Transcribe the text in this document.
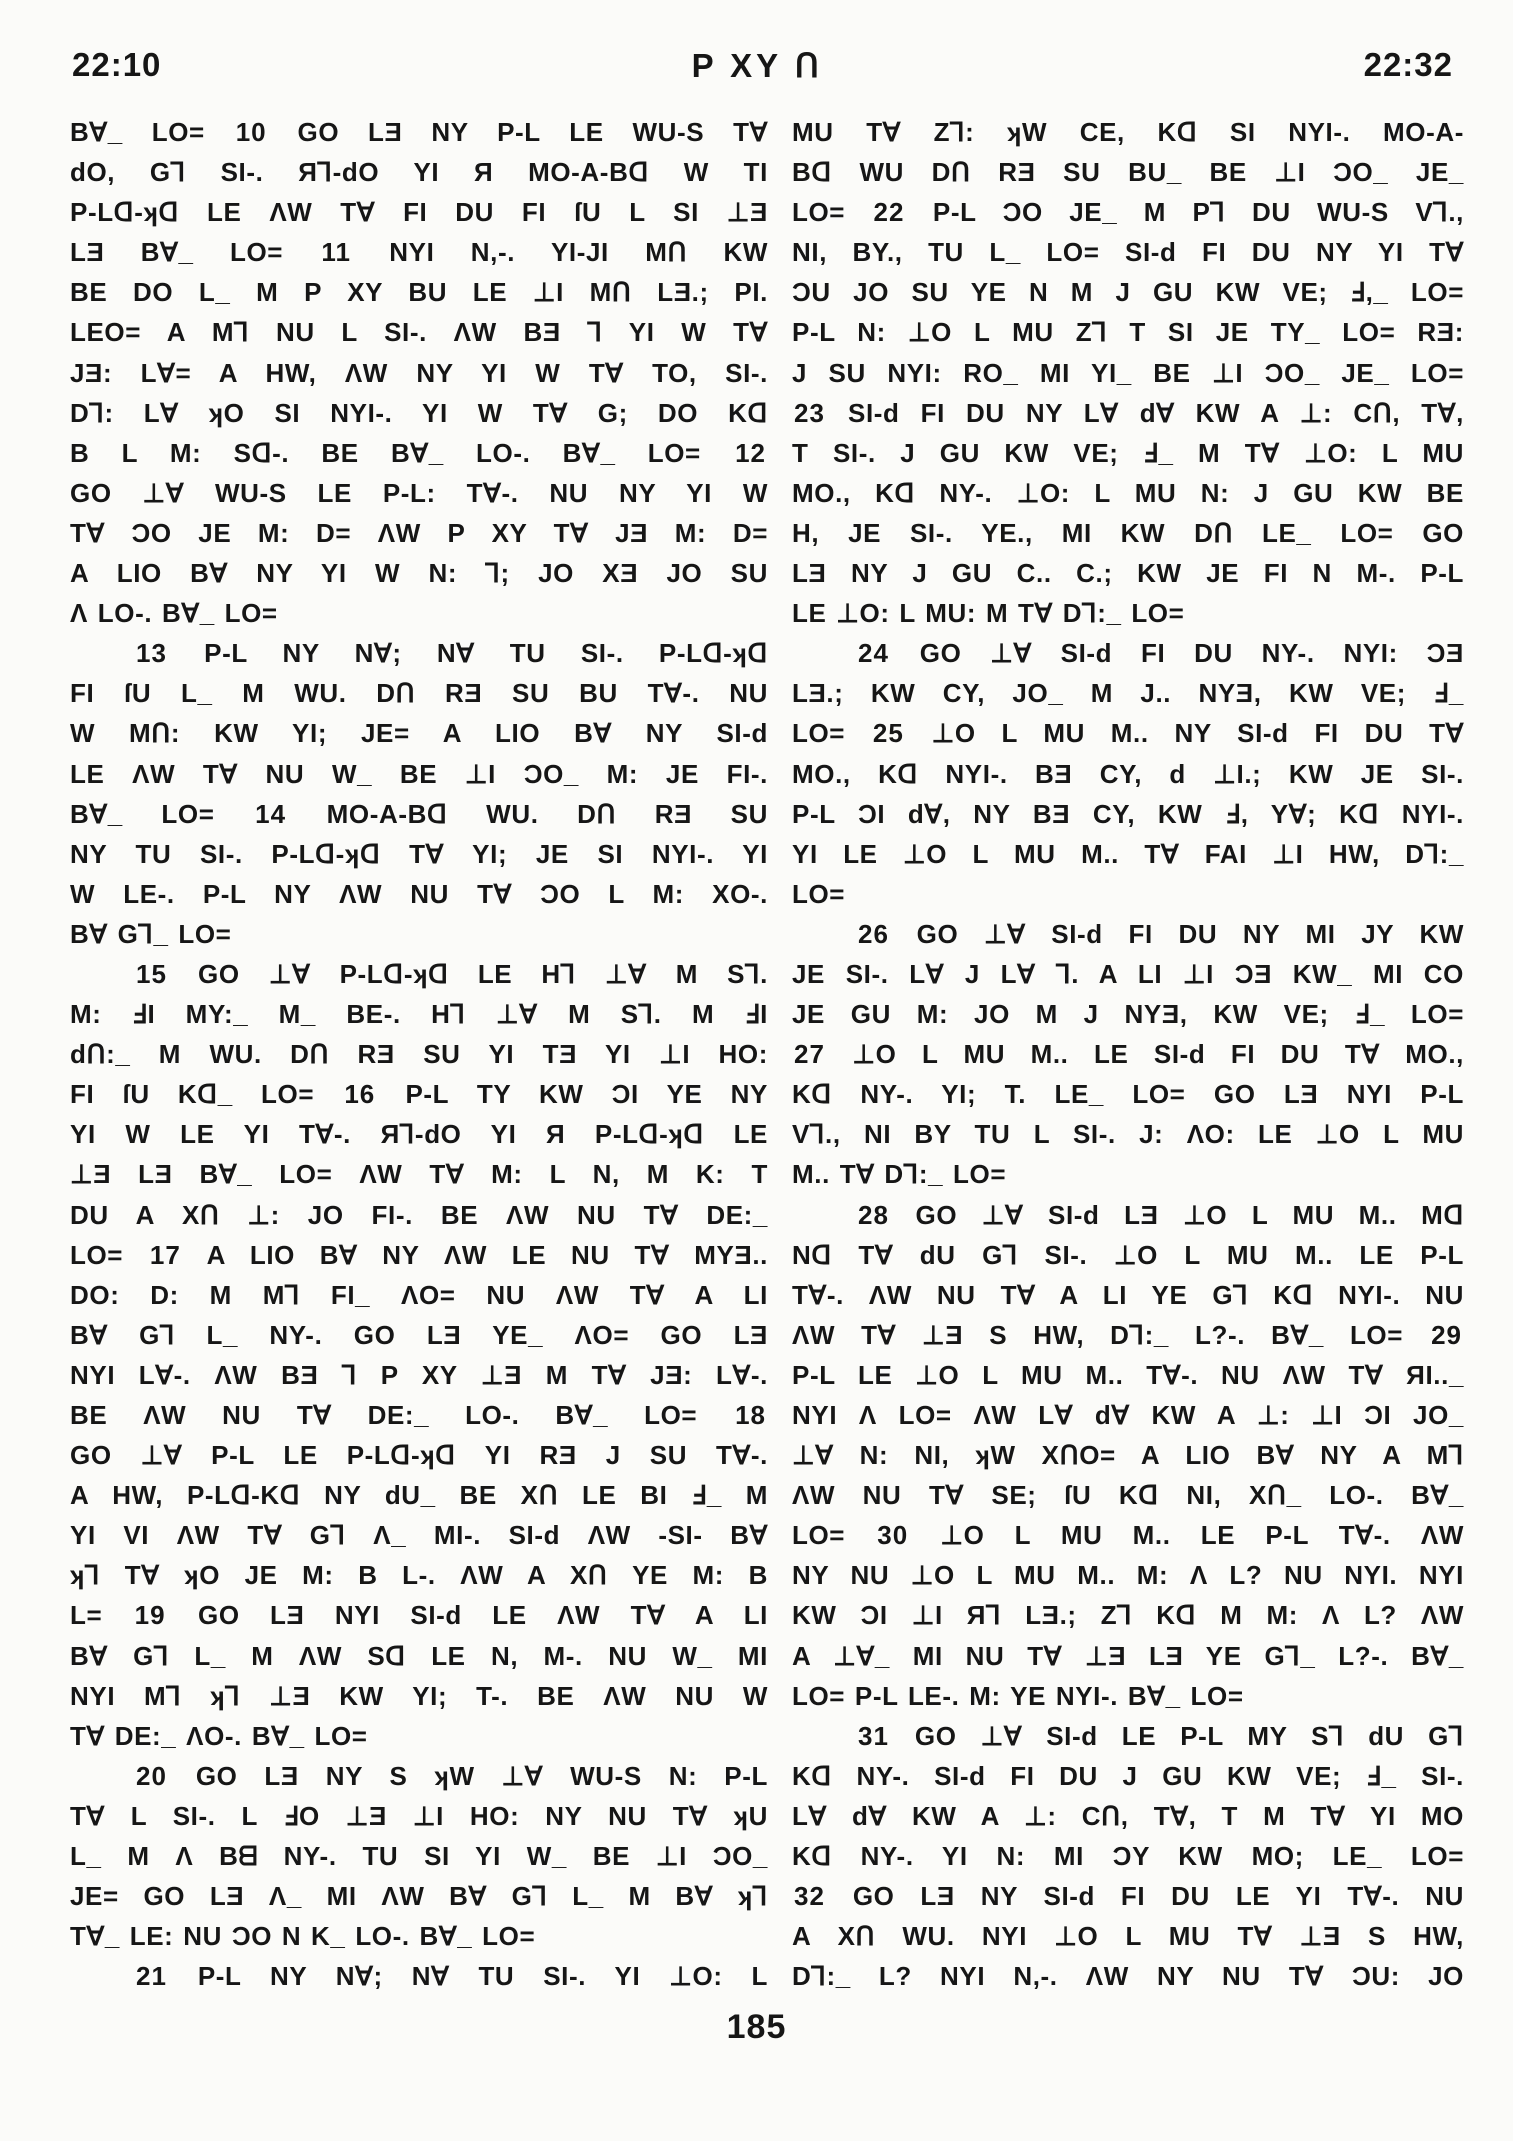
22:10	P XY Ո	22:32
B∀_ LO= 10 GO LƎ NY P-L LE WU-S T∀
dO, G⅂ SI-. Я⅂-dO YI Я MO-A-Bᗡ W TI
P-Lᗡ-ʞᗡ LE ΛW T∀ FI DU FI ſU L SI ⊥Ǝ
LƎ B∀_ LO= 11 NYI N,-. YI-JI MՈ KW
BE DO L_ M P XY BU LE ⊥I MՈ LƎ.; PI.
LEO= A M⅂ NU L SI-. ΛW BƎ ⅂ YI W T∀
JƎ: L∀= A HW, ΛW NY YI W T∀ TO, SI-.
D⅂: L∀ ʞO SI NYI-. YI W T∀ G; DO Kᗡ
B L M: Sᗡ-. BE B∀_ LO-. B∀_ LO= 12
GO ⊥∀ WU-S LE P-L: T∀-. NU NY YI W
T∀ ƆO JE M: D= ΛW P XY T∀ JƎ M: D=
A LIO B∀ NY YI W N: ⅂; JO XƎ JO SU
Λ LO-. B∀_ LO=
13 P-L NY N∀; N∀ TU SI-. P-Lᗡ-ʞᗡ
FI ſU L_ M WU. DՈ RƎ SU BU T∀-. NU
W MՈ: KW YI; JE= A LIO B∀ NY SI-d
LE ΛW T∀ NU W_ BE ⊥I ƆO_ M: JE FI-.
B∀_ LO= 14 MO-A-Bᗡ WU. DՈ RƎ SU
NY TU SI-. P-Lᗡ-ʞᗡ T∀ YI; JE SI NYI-. YI
W LE-. P-L NY ΛW NU T∀ ƆO L M: XO-.
B∀ G⅂_ LO=
15 GO ⊥∀ P-Lᗡ-ʞᗡ LE H⅂ ⊥∀ M S⅂.
M: ℲI MY:_ M_ BE-. H⅂ ⊥∀ M S⅂. M ℲI
dՈ:_ M WU. DՈ RƎ SU YI TƎ YI ⊥I HO:
FI ſU Kᗡ_ LO= 16 P-L TY KW ƆI YE NY
YI W LE YI T∀-. Я⅂-dO YI Я P-Lᗡ-ʞᗡ LE
⊥Ǝ LƎ B∀_ LO= ΛW T∀ M: L N, M K: T
DU A XՈ ⊥: JO FI-. BE ΛW NU T∀ DE:_
LO= 17 A LIO B∀ NY ΛW LE NU T∀ MYƎ..
DO: D: M M⅂ FI_ ΛO= NU ΛW T∀ A LI
B∀ G⅂ L_ NY-. GO LƎ YE_ ΛO= GO LƎ
NYI L∀-. ΛW BƎ ⅂ P XY ⊥Ǝ M T∀ JƎ: L∀-.
BE ΛW NU T∀ DE:_ LO-. B∀_ LO= 18
GO ⊥∀ P-L LE P-Lᗡ-ʞᗡ YI RƎ J SU T∀-.
A HW, P-Lᗡ-Kᗡ NY dU_ BE XՈ LE BI Ⅎ_ M
YI VI ΛW T∀ G⅂ Λ_ MI-. SI-d ΛW -SI- B∀
ʞ⅂ T∀ ʞO JE M: B L-. ΛW A XՈ YE M: B
L= 19 GO LƎ NYI SI-d LE ΛW T∀ A LI
B∀ G⅂ L_ M ΛW Sᗡ LE N, M-. NU W_ MI
NYI M⅂ ʞ⅂ ⊥Ǝ KW YI; T-. BE ΛW NU W
T∀ DE:_ ΛO-. B∀_ LO=
20 GO LƎ NY S ʞW ⊥∀ WU-S N: P-L
T∀ L SI-. L ℲO ⊥Ǝ ⊥I HO: NY NU T∀ ʞU
L_ M Λ Bᗺ NY-. TU SI YI W_ BE ⊥I ƆO_
JE= GO LƎ Λ_ MI ΛW B∀ G⅂ L_ M B∀ ʞ⅂
T∀_ LE: NU ƆO N K_ LO-. B∀_ LO=
21 P-L NY N∀; N∀ TU SI-. YI ⊥O: L
MU T∀ Z⅂: ʞW CE, Kᗡ SI NYI-. MO-A-
Bᗡ WU DՈ RƎ SU BU_ BE ⊥I ƆO_ JE_
LO= 22 P-L ƆO JE_ M P⅂ DU WU-S V⅂.,
NI, BY., TU L_ LO= SI-d FI DU NY YI T∀
ƆU JO SU YE N M J GU KW VE; Ⅎ,_ LO=
P-L N: ⊥O L MU Z⅂ T SI JE TY_ LO= RƎ:
J SU NYI: RO_ MI YI_ BE ⊥I ƆO_ JE_ LO=
23 SI-d FI DU NY L∀ d∀ KW A ⊥: CՈ, T∀,
T SI-. J GU KW VE; Ⅎ_ M T∀ ⊥O: L MU
MO., Kᗡ NY-. ⊥O: L MU N: J GU KW BE
H, JE SI-. YE., MI KW DՈ LE_ LO= GO
LƎ NY J GU C.. C.; KW JE FI N M-. P-L
LE ⊥O: L MU: M T∀ D⅂:_ LO=
24 GO ⊥∀ SI-d FI DU NY-. NYI: ƆƎ
LƎ.; KW CY, JO_ M J.. NYƎ, KW VE; Ⅎ_
LO= 25 ⊥O L MU M.. NY SI-d FI DU T∀
MO., Kᗡ NYI-. BƎ CY, d ⊥I.; KW JE SI-.
P-L ƆI d∀, NY BƎ CY, KW Ⅎ, Y∀; Kᗡ NYI-.
YI LE ⊥O L MU M.. T∀ FAI ⊥I HW, D⅂:_
LO=
26 GO ⊥∀ SI-d FI DU NY MI JY KW
JE SI-. L∀ J L∀ ⅂. A LI ⊥I ƆƎ KW_ MI CO
JE GU M: JO M J NYƎ, KW VE; Ⅎ_ LO=
27 ⊥O L MU M.. LE SI-d FI DU T∀ MO.,
Kᗡ NY-. YI; T. LE_ LO= GO LƎ NYI P-L
V⅂., NI BY TU L SI-. J: ΛO: LE ⊥O L MU
M.. T∀ D⅂:_ LO=
28 GO ⊥∀ SI-d LƎ ⊥O L MU M.. Mᗡ
Nᗡ T∀ dU G⅂ SI-. ⊥O L MU M.. LE P-L
T∀-. ΛW NU T∀ A LI YE G⅂ Kᗡ NYI-. NU
ΛW T∀ ⊥Ǝ S HW, D⅂:_ L?-. B∀_ LO= 29
P-L LE ⊥O L MU M.. T∀-. NU ΛW T∀ ЯI.._
NYI Λ LO= ΛW L∀ d∀ KW A ⊥: ⊥I ƆI JO_
⊥∀ N: NI, ʞW XՈO= A LIO B∀ NY A M⅂
ΛW NU T∀ SE; ſU Kᗡ NI, XՈ_ LO-. B∀_
LO= 30 ⊥O L MU M.. LE P-L T∀-. ΛW
NY NU ⊥O L MU M.. M: Λ L? NU NYI. NYI
KW ƆI ⊥I Я⅂ LƎ.; Z⅂ Kᗡ M M: Λ L? ΛW
A ⊥∀_ MI NU T∀ ⊥Ǝ LƎ YE G⅂_ L?-. B∀_
LO= P-L LE-. M: YE NYI-. B∀_ LO=
31 GO ⊥∀ SI-d LE P-L MY S⅂ dU G⅂
Kᗡ NY-. SI-d FI DU J GU KW VE; Ⅎ_ SI-.
L∀ d∀ KW A ⊥: CՈ, T∀, T M T∀ YI MO
Kᗡ NY-. YI N: MI ƆY KW MO; LE_ LO=
32 GO LƎ NY SI-d FI DU LE YI T∀-. NU
A XՈ WU. NYI ⊥O L MU T∀ ⊥Ǝ S HW,
D⅂:_ L? NYI N,-. ΛW NY NU T∀ ƆU: JO
185
